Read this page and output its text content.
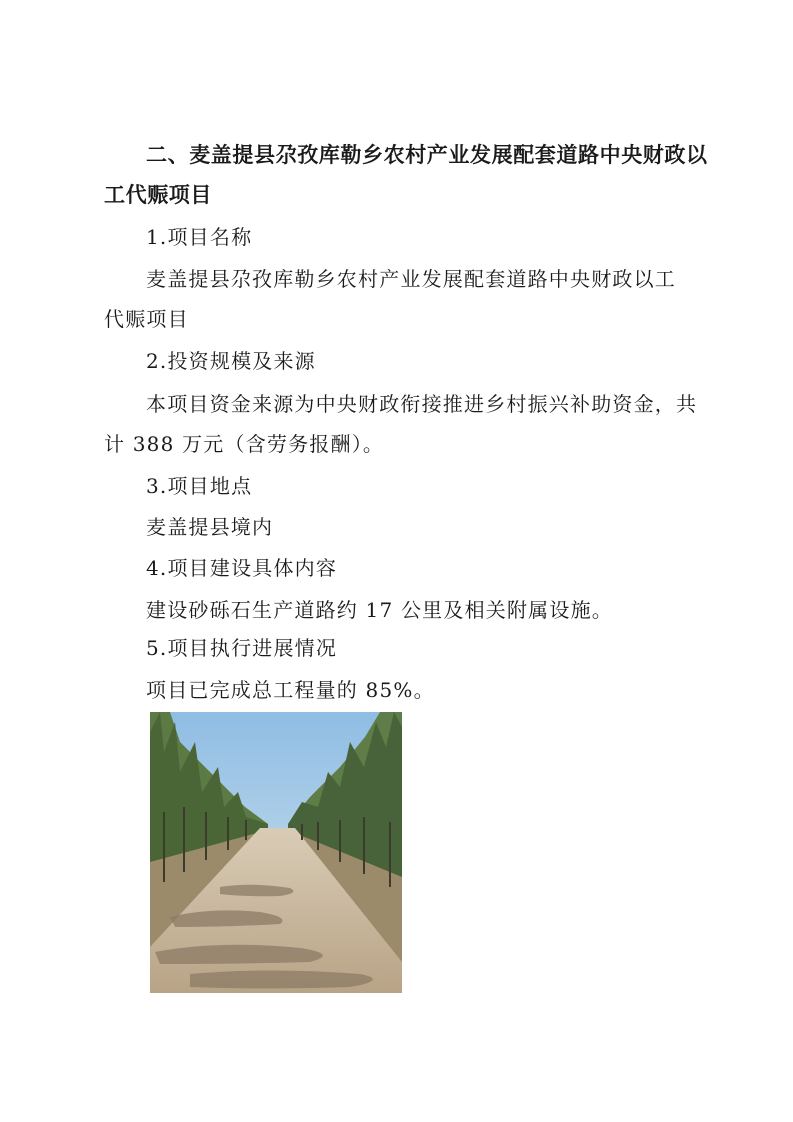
二、麦盖提县尕孜库勒乡农村产业发展配套道路中央财政以
工代赈项目
1.项目名称
麦盖提县尕孜库勒乡农村产业发展配套道路中央财政以工
代赈项目
2.投资规模及来源
本项目资金来源为中央财政衔接推进乡村振兴补助资金，共
计 388 万元（含劳务报酬）。
3.项目地点
麦盖提县境内
4.项目建设具体内容
建设砂砾石生产道路约 17 公里及相关附属设施。
5.项目执行进展情况
项目已完成总工程量的 85%。
